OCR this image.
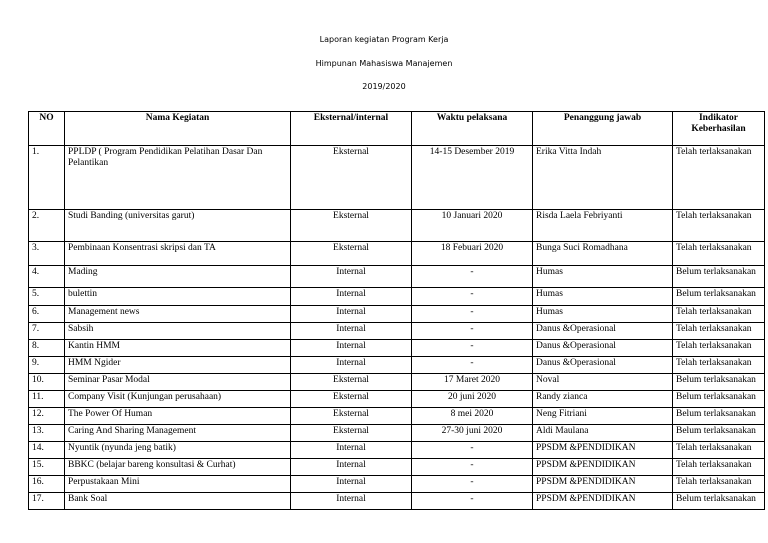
Laporan kegiatan Program Kerja
Himpunan Mahasiswa Manajemen
2019/2020
NO	Nama Kegiatan	Eksternal/internal	Waktu pelaksana	Penanggung jawab	Indikator Keberhasilan
1.	PPLDP ( Program Pendidikan Pelatihan Dasar Dan Pelantikan	Eksternal	14-15 Desember 2019	Erika Vitta Indah	Telah terlaksanakan
2.	Studi Banding (universitas garut)	Eksternal	10 Januari 2020	Risda Laela Febriyanti	Telah terlaksanakan
3.	Pembinaan Konsentrasi skripsi dan TA	Eksternal	18 Febuari 2020	Bunga Suci Romadhana	Telah terlaksanakan
4.	Mading	Internal	-	Humas	Belum terlaksanakan
5.	bulettin	Internal	-	Humas	Belum terlaksanakan
6.	Management news	Internal	-	Humas	Telah terlaksanakan
7.	Sabsih	Internal	-	Danus &Operasional	Telah terlaksanakan
8.	Kantin HMM	Internal	-	Danus &Operasional	Telah terlaksanakan
9.	HMM Ngider	Internal	-	Danus &Operasional	Telah terlaksanakan
10.	Seminar Pasar Modal	Eksternal	17 Maret 2020	Noval	Belum terlaksanakan
11.	Company Visit (Kunjungan perusahaan)	Eksternal	20 juni 2020	Randy zianca	Belum terlaksanakan
12.	The Power Of Human	Eksternal	8 mei 2020	Neng Fitriani	Belum terlaksanakan
13.	Caring And Sharing Management	Eksternal	27-30 juni 2020	Aldi Maulana	Belum terlaksanakan
14.	Nyuntik (nyunda jeng batik)	Internal	-	PPSDM &PENDIDIKAN	Telah terlaksanakan
15.	BBKC (belajar bareng konsultasi & Curhat)	Internal	-	PPSDM &PENDIDIKAN	Telah terlaksanakan
16.	Perpustakaan Mini	Internal	-	PPSDM &PENDIDIKAN	Telah terlaksanakan
17.	Bank Soal	Internal	-	PPSDM &PENDIDIKAN	Belum terlaksanakan
